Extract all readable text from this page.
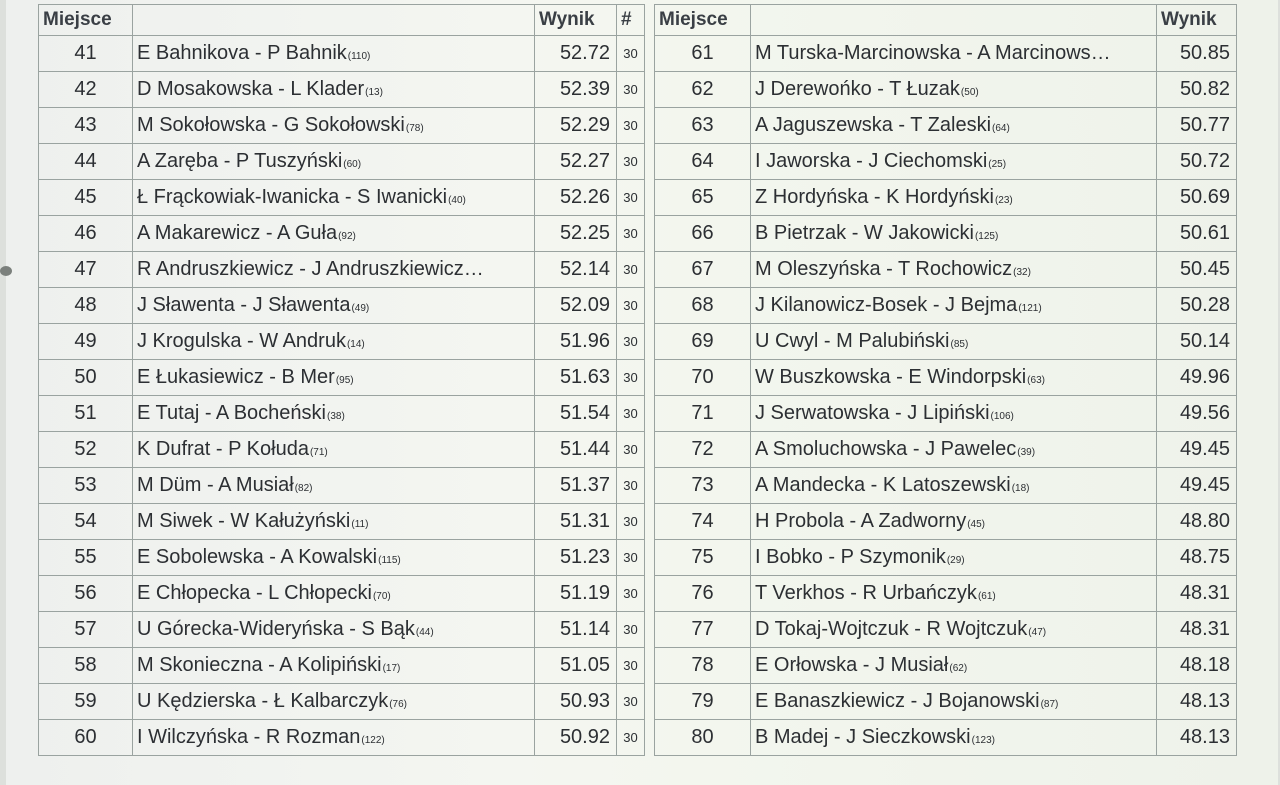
Miejsce		Wynik	#
41	E Bahnikova - P Bahnik(110)	52.72	30
42	D Mosakowska - L Klader(13)	52.39	30
43	M Sokołowska - G Sokołowski(78)	52.29	30
44	A Zaręba - P Tuszyński(60)	52.27	30
45	Ł Frąckowiak-Iwanicka - S Iwanicki(40)	52.26	30
46	A Makarewicz - A Guła(92)	52.25	30
47	R Andruszkiewicz - J Andruszkiewicz…	52.14	30
48	J Sławenta - J Sławenta(49)	52.09	30
49	J Krogulska - W Andruk(14)	51.96	30
50	E Łukasiewicz - B Mer(95)	51.63	30
51	E Tutaj - A Bocheński(38)	51.54	30
52	K Dufrat - P Kołuda(71)	51.44	30
53	M Düm - A Musiał(82)	51.37	30
54	M Siwek - W Kałużyński(11)	51.31	30
55	E Sobolewska - A Kowalski(115)	51.23	30
56	E Chłopecka - L Chłopecki(70)	51.19	30
57	U Górecka-Wideryńska - S Bąk(44)	51.14	30
58	M Skonieczna - A Kolipiński(17)	51.05	30
59	U Kędzierska - Ł Kalbarczyk(76)	50.93	30
60	I Wilczyńska - R Rozman(122)	50.92	30
Miejsce		Wynik
61	M Turska-Marcinowska - A Marcinows…	50.85
62	J Derewońko - T Łuzak(50)	50.82
63	A Jaguszewska - T Zaleski(64)	50.77
64	I Jaworska - J Ciechomski(25)	50.72
65	Z Hordyńska - K Hordyński(23)	50.69
66	B Pietrzak - W Jakowicki(125)	50.61
67	M Oleszyńska - T Rochowicz(32)	50.45
68	J Kilanowicz-Bosek - J Bejma(121)	50.28
69	U Cwyl - M Palubiński(85)	50.14
70	W Buszkowska - E Windorpski(63)	49.96
71	J Serwatowska - J Lipiński(106)	49.56
72	A Smoluchowska - J Pawelec(39)	49.45
73	A Mandecka - K Latoszewski(18)	49.45
74	H Probola - A Zadworny(45)	48.80
75	I Bobko - P Szymonik(29)	48.75
76	T Verkhos - R Urbańczyk(61)	48.31
77	D Tokaj-Wojtczuk - R Wojtczuk(47)	48.31
78	E Orłowska - J Musiał(62)	48.18
79	E Banaszkiewicz - J Bojanowski(87)	48.13
80	B Madej - J Sieczkowski(123)	48.13
